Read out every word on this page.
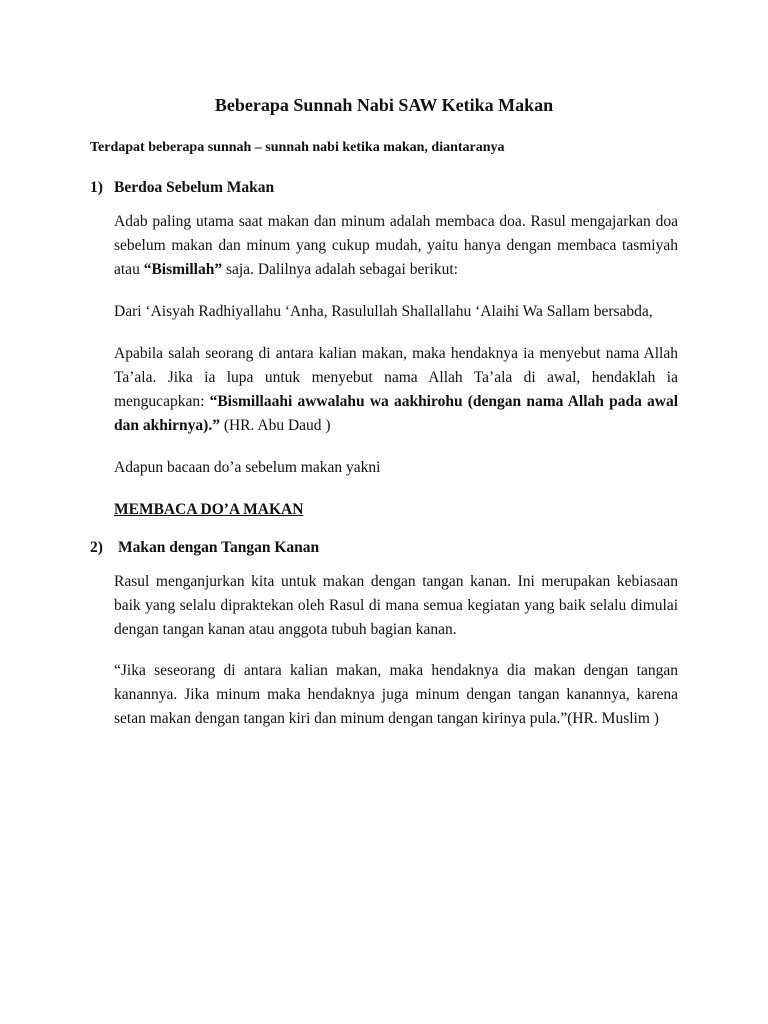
Beberapa Sunnah Nabi SAW Ketika Makan

Terdapat beberapa sunnah – sunnah nabi ketika makan, diantaranya

1) Berdoa Sebelum Makan

Adab paling utama saat makan dan minum adalah membaca doa. Rasul mengajarkan doa sebelum makan dan minum yang cukup mudah, yaitu hanya dengan membaca tasmiyah atau “Bismillah” saja. Dalilnya adalah sebagai berikut:

Dari ‘Aisyah Radhiyallahu ‘Anha, Rasulullah Shallallahu ‘Alaihi Wa Sallam bersabda,

Apabila salah seorang di antara kalian makan, maka hendaknya ia menyebut nama Allah Ta’ala. Jika ia lupa untuk menyebut nama Allah Ta’ala di awal, hendaklah ia mengucapkan: “Bismillaahi awwalahu wa aakhirohu (dengan nama Allah pada awal dan akhirnya).” (HR. Abu Daud )

Adapun bacaan do’a sebelum makan yakni

MEMBACA DO’A MAKAN

2) Makan dengan Tangan Kanan

Rasul menganjurkan kita untuk makan dengan tangan kanan. Ini merupakan kebiasaan baik yang selalu dipraktekan oleh Rasul di mana semua kegiatan yang baik selalu dimulai dengan tangan kanan atau anggota tubuh bagian kanan.

“Jika seseorang di antara kalian makan, maka hendaknya dia makan dengan tangan kanannya. Jika minum maka hendaknya juga minum dengan tangan kanannya, karena setan makan dengan tangan kiri dan minum dengan tangan kirinya pula.”(HR. Muslim )
